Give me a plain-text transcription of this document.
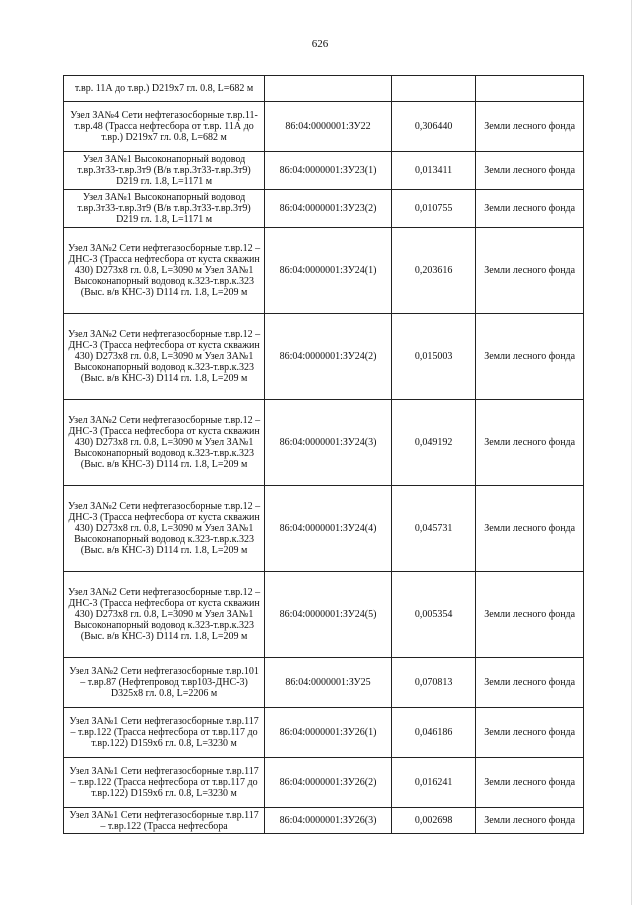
626
т.вр. 11А до т.вр.) D219х7 гл. 0.8, L=682 м			
Узел ЗА№4 Сети нефтегазосборные т.вр.11-т.вр.48 (Трасса нефтесбора от т.вр. 11А до т.вр.) D219х7 гл. 0.8, L=682 м	86:04:0000001:ЗУ22	0,306440	Земли лесного фонда
Узел ЗА№1 Высоконапорный водовод т.вр.3т33-т.вр.3т9 (В/в т.вр.3т33-т.вр.3т9) D219 гл. 1.8, L=1171 м	86:04:0000001:ЗУ23(1)	0,013411	Земли лесного фонда
Узел ЗА№1 Высоконапорный водовод т.вр.3т33-т.вр.3т9 (В/в т.вр.3т33-т.вр.3т9) D219 гл. 1.8, L=1171 м	86:04:0000001:ЗУ23(2)	0,010755	Земли лесного фонда
Узел ЗА№2 Сети нефтегазосборные т.вр.12 – ДНС-3 (Трасса нефтесбора от куста скважин 430) D273х8 гл. 0.8, L=3090 м Узел ЗА№1 Высоконапорный водовод к.323-т.вр.к.323 (Выс. в/в КНС-3) D114 гл. 1.8, L=209 м	86:04:0000001:ЗУ24(1)	0,203616	Земли лесного фонда
Узел ЗА№2 Сети нефтегазосборные т.вр.12 – ДНС-3 (Трасса нефтесбора от куста скважин 430) D273х8 гл. 0.8, L=3090 м Узел ЗА№1 Высоконапорный водовод к.323-т.вр.к.323 (Выс. в/в КНС-3) D114 гл. 1.8, L=209 м	86:04:0000001:ЗУ24(2)	0,015003	Земли лесного фонда
Узел ЗА№2 Сети нефтегазосборные т.вр.12 – ДНС-3 (Трасса нефтесбора от куста скважин 430) D273х8 гл. 0.8, L=3090 м Узел ЗА№1 Высоконапорный водовод к.323-т.вр.к.323 (Выс. в/в КНС-3) D114 гл. 1.8, L=209 м	86:04:0000001:ЗУ24(3)	0,049192	Земли лесного фонда
Узел ЗА№2 Сети нефтегазосборные т.вр.12 – ДНС-3 (Трасса нефтесбора от куста скважин 430) D273х8 гл. 0.8, L=3090 м Узел ЗА№1 Высоконапорный водовод к.323-т.вр.к.323 (Выс. в/в КНС-3) D114 гл. 1.8, L=209 м	86:04:0000001:ЗУ24(4)	0,045731	Земли лесного фонда
Узел ЗА№2 Сети нефтегазосборные т.вр.12 – ДНС-3 (Трасса нефтесбора от куста скважин 430) D273х8 гл. 0.8, L=3090 м Узел ЗА№1 Высоконапорный водовод к.323-т.вр.к.323 (Выс. в/в КНС-3) D114 гл. 1.8, L=209 м	86:04:0000001:ЗУ24(5)	0,005354	Земли лесного фонда
Узел ЗА№2 Сети нефтегазосборные т.вр.101 – т.вр.87 (Нефтепровод т.вр103-ДНС-3) D325х8 гл. 0.8, L=2206 м	86:04:0000001:ЗУ25	0,070813	Земли лесного фонда
Узел ЗА№1 Сети нефтегазосборные т.вр.117 – т.вр.122 (Трасса нефтесбора от т.вр.117 до т.вр.122) D159х6 гл. 0.8, L=3230 м	86:04:0000001:ЗУ26(1)	0,046186	Земли лесного фонда
Узел ЗА№1 Сети нефтегазосборные т.вр.117 – т.вр.122 (Трасса нефтесбора от т.вр.117 до т.вр.122) D159х6 гл. 0.8, L=3230 м	86:04:0000001:ЗУ26(2)	0,016241	Земли лесного фонда
Узел ЗА№1 Сети нефтегазосборные т.вр.117 – т.вр.122 (Трасса нефтесбора	86:04:0000001:ЗУ26(3)	0,002698	Земли лесного фонда
